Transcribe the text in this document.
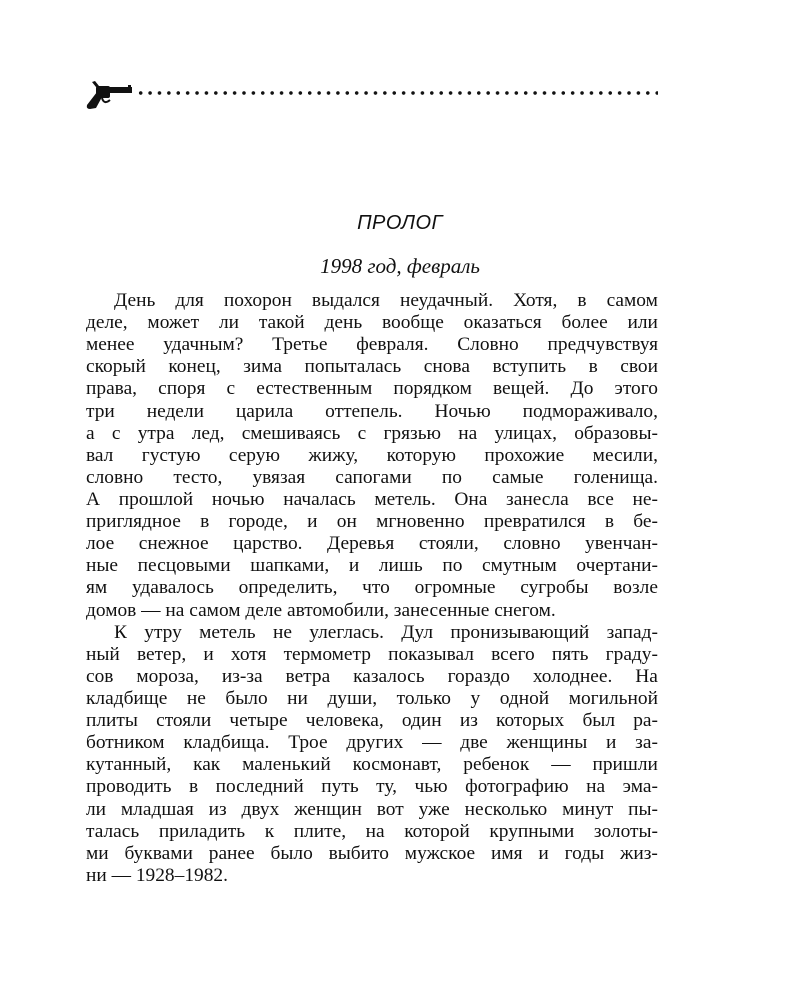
ПРОЛОГ
1998 год, февраль
День для похорон выдался неудачный. Хотя, в самом
деле, может ли такой день вообще оказаться более или
менее удачным? Третье февраля. Словно предчувствуя
скорый конец, зима попыталась снова вступить в свои
права, споря с естественным порядком вещей. До этого
три недели царила оттепель. Ночью подмораживало,
а с утра лед, смешиваясь с грязью на улицах, образовы-
вал густую серую жижу, которую прохожие месили,
словно тесто, увязая сапогами по самые голенища.
А прошлой ночью началась метель. Она занесла все не-
приглядное в городе, и он мгновенно превратился в бе-
лое снежное царство. Деревья стояли, словно увенчан-
ные песцовыми шапками, и лишь по смутным очертани-
ям удавалось определить, что огромные сугробы возле
домов — на самом деле автомобили, занесенные снегом.
К утру метель не улеглась. Дул пронизывающий запад-
ный ветер, и хотя термометр показывал всего пять граду-
сов мороза, из-за ветра казалось гораздо холоднее. На
кладбище не было ни души, только у одной могильной
плиты стояли четыре человека, один из которых был ра-
ботником кладбища. Трое других — две женщины и за-
кутанный, как маленький космонавт, ребенок — пришли
проводить в последний путь ту, чью фотографию на эма-
ли младшая из двух женщин вот уже несколько минут пы-
талась приладить к плите, на которой крупными золоты-
ми буквами ранее было выбито мужское имя и годы жиз-
ни — 1928–1982.
